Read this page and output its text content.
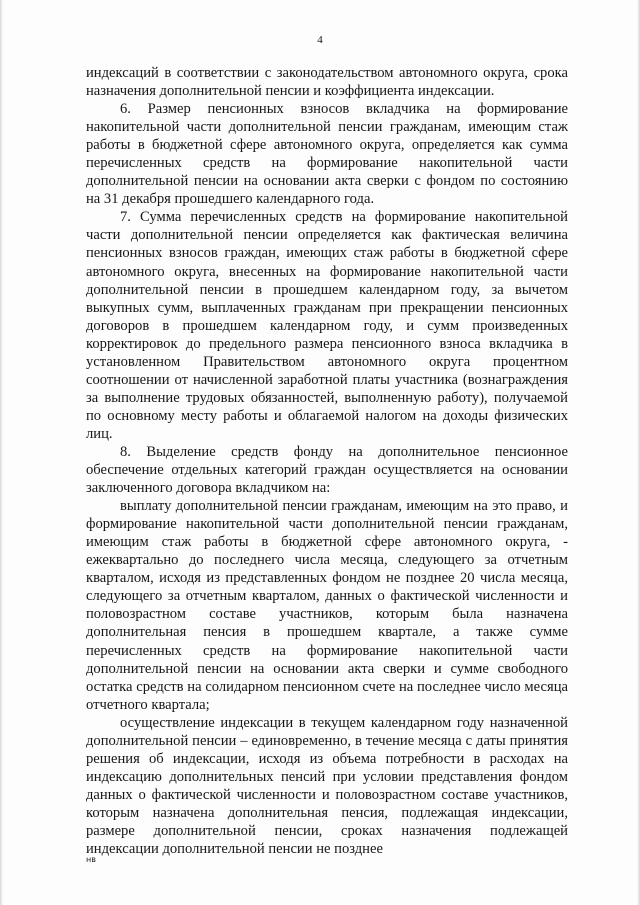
4

индексаций в соответствии с законодательством автономного округа, срока назначения дополнительной пенсии и коэффициента индексации.

6. Размер пенсионных взносов вкладчика на формирование накопительной части дополнительной пенсии гражданам, имеющим стаж работы в бюджетной сфере автономного округа, определяется как сумма перечисленных средств на формирование накопительной части дополнительной пенсии на основании акта сверки с фондом по состоянию на 31 декабря прошедшего календарного года.

7. Сумма перечисленных средств на формирование накопительной части дополнительной пенсии определяется как фактическая величина пенсионных взносов граждан, имеющих стаж работы в бюджетной сфере автономного округа, внесенных на формирование накопительной части дополнительной пенсии в прошедшем календарном году, за вычетом выкупных сумм, выплаченных гражданам при прекращении пенсионных договоров в прошедшем календарном году, и сумм произведенных корректировок до предельного размера пенсионного взноса вкладчика в установленном Правительством автономного округа процентном соотношении от начисленной заработной платы участника (вознаграждения за выполнение трудовых обязанностей, выполненную работу), получаемой по основному месту работы и облагаемой налогом на доходы физических лиц.

8. Выделение средств фонду на дополнительное пенсионное обеспечение отдельных категорий граждан осуществляется на основании заключенного договора вкладчиком на:

выплату дополнительной пенсии гражданам, имеющим на это право, и формирование накопительной части дополнительной пенсии гражданам, имеющим стаж работы в бюджетной сфере автономного округа, - ежеквартально до последнего числа месяца, следующего за отчетным кварталом, исходя из представленных фондом не позднее 20 числа месяца, следующего за отчетным кварталом, данных о фактической численности и половозрастном составе участников, которым была назначена дополнительная пенсия в прошедшем квартале, а также сумме перечисленных средств на формирование накопительной части дополнительной пенсии на основании акта сверки и сумме свободного остатка средств на солидарном пенсионном счете на последнее число месяца отчетного квартала;

осуществление индексации в текущем календарном году назначенной дополнительной пенсии – единовременно, в течение месяца с даты принятия решения об индексации, исходя из объема потребности в расходах на индексацию дополнительных пенсий при условии представления фондом данных о фактической численности и половозрастном составе участников, которым назначена дополнительная пенсия, подлежащая индексации, размере дополнительной пенсии, сроках назначения подлежащей индексации дополнительной пенсии не позднее

нв
